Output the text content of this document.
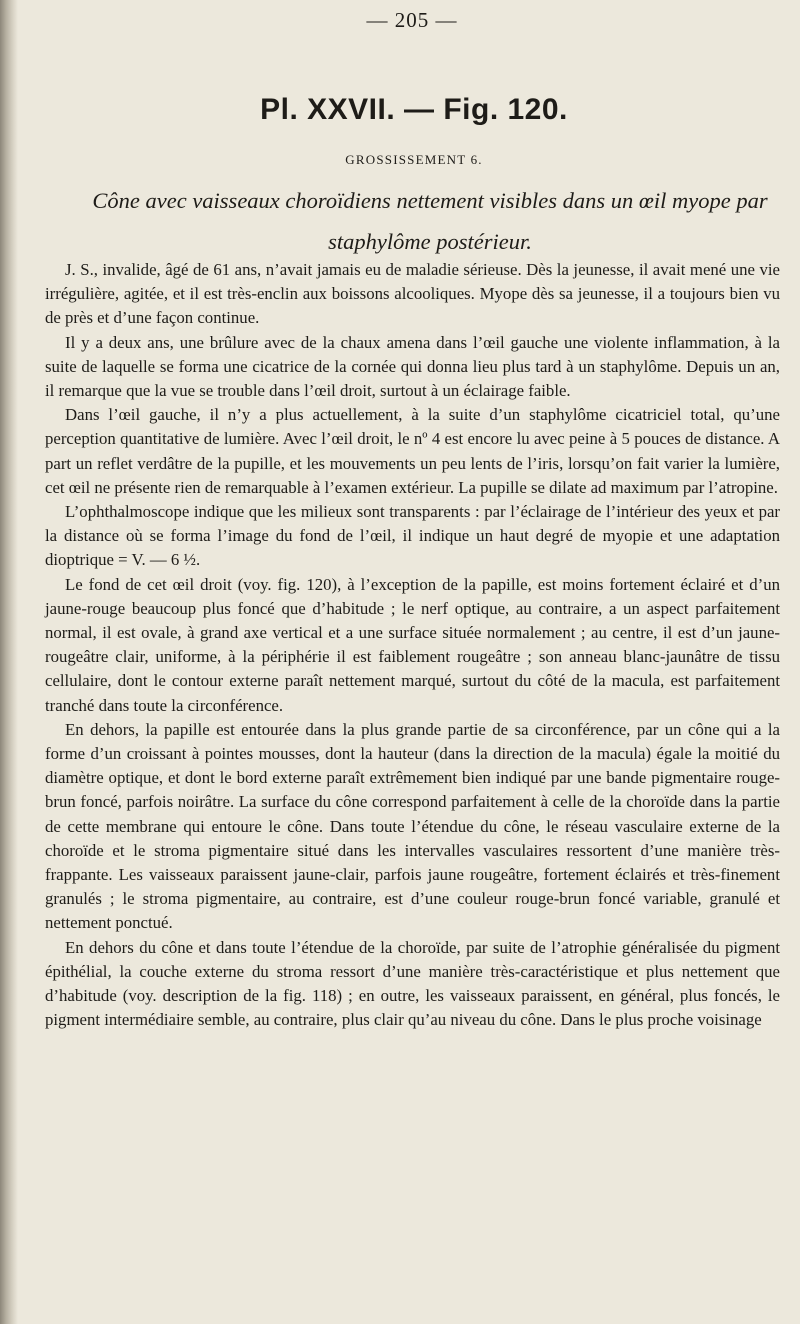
— 205 —
Pl. XXVII. — Fig. 120.
GROSSISSEMENT 6.
Cône avec vaisseaux choroïdiens nettement visibles dans un œil myope par staphylôme postérieur.

J. S., invalide, âgé de 61 ans, n’avait jamais eu de maladie sérieuse. Dès la jeunesse, il avait mené une vie irrégulière, agitée, et il est très-enclin aux boissons alcooliques. Myope dès sa jeunesse, il a toujours bien vu de près et d’une façon continue.

Il y a deux ans, une brûlure avec de la chaux amena dans l’œil gauche une violente inflammation, à la suite de laquelle se forma une cicatrice de la cornée qui donna lieu plus tard à un staphylôme. Depuis un an, il remarque que la vue se trouble dans l’œil droit, surtout à un éclairage faible.

Dans l’œil gauche, il n’y a plus actuellement, à la suite d’un staphylôme cicatriciel total, qu’une perception quantitative de lumière. Avec l’œil droit, le nº 4 est encore lu avec peine à 5 pouces de distance. A part un reflet verdâtre de la pupille, et les mouvements un peu lents de l’iris, lorsqu’on fait varier la lumière, cet œil ne présente rien de remarquable à l’examen extérieur. La pupille se dilate ad maximum par l’atropine.

L’ophthalmoscope indique que les milieux sont transparents : par l’éclairage de l’intérieur des yeux et par la distance où se forma l’image du fond de l’œil, il indique un haut degré de myopie et une adaptation dioptrique = V. — 6 ½.

Le fond de cet œil droit (voy. fig. 120), à l’exception de la papille, est moins fortement éclairé et d’un jaune-rouge beaucoup plus foncé que d’habitude ; le nerf optique, au contraire, a un aspect parfaitement normal, il est ovale, à grand axe vertical et a une surface située normalement ; au centre, il est d’un jaune-rougeâtre clair, uniforme, à la périphérie il est faiblement rougeâtre ; son anneau blanc-jaunâtre de tissu cellulaire, dont le contour externe paraît nettement marqué, surtout du côté de la macula, est parfaitement tranché dans toute la circonférence.

En dehors, la papille est entourée dans la plus grande partie de sa circonférence, par un cône qui a la forme d’un croissant à pointes mousses, dont la hauteur (dans la direction de la macula) égale la moitié du diamètre optique, et dont le bord externe paraît extrêmement bien indiqué par une bande pigmentaire rouge-brun foncé, parfois noirâtre. La surface du cône correspond parfaitement à celle de la choroïde dans la partie de cette membrane qui entoure le cône. Dans toute l’étendue du cône, le réseau vasculaire externe de la choroïde et le stroma pigmentaire situé dans les intervalles vasculaires ressortent d’une manière très-frappante. Les vaisseaux paraissent jaune-clair, parfois jaune rougeâtre, fortement éclairés et très-finement granulés ; le stroma pigmentaire, au contraire, est d’une couleur rouge-brun foncé variable, granulé et nettement ponctué.

En dehors du cône et dans toute l’étendue de la choroïde, par suite de l’atrophie généralisée du pigment épithélial, la couche externe du stroma ressort d’une manière très-caractéristique et plus nettement que d’habitude (voy. description de la fig. 118) ; en outre, les vaisseaux paraissent, en général, plus foncés, le pigment intermédiaire semble, au contraire, plus clair qu’au niveau du cône. Dans le plus proche voisinage
